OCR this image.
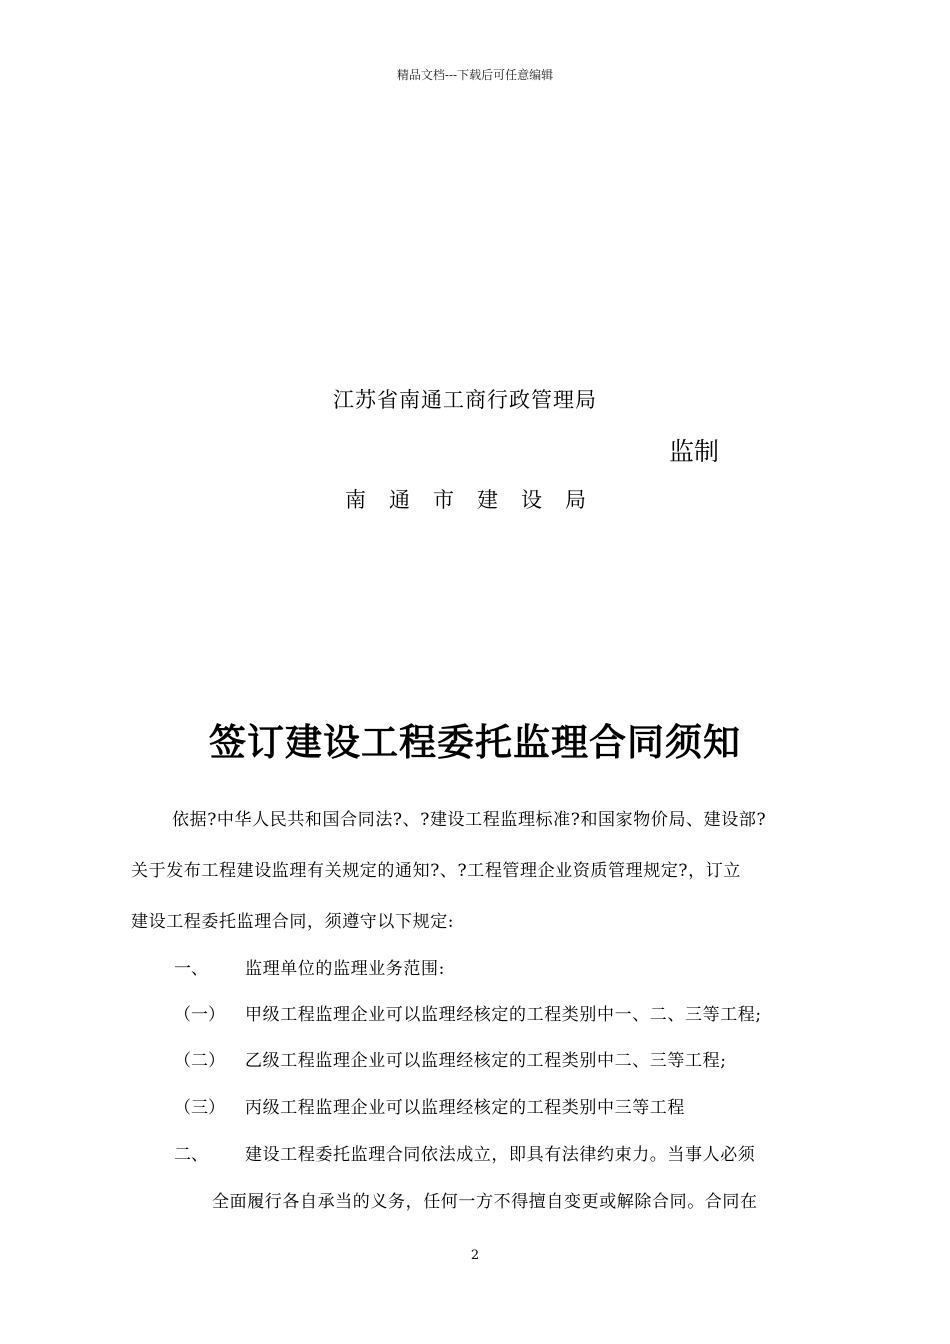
精品文档---下载后可任意编辑
江苏省南通工商行政管理局
监制
南通市建设局
签订建设工程委托监理合同须知
依据?中华人民共和国合同法?、?建设工程监理标准?和国家物价局、建设部?
关于发布工程建设监理有关规定的通知?、?工程管理企业资质管理规定?，订立
建设工程委托监理合同，须遵守以下规定:
一、 监理单位的监理业务范围:
（一） 甲级工程监理企业可以监理经核定的工程类别中一、二、三等工程;
（二） 乙级工程监理企业可以监理经核定的工程类别中二、三等工程;
（三） 丙级工程监理企业可以监理经核定的工程类别中三等工程
二、 建设工程委托监理合同依法成立，即具有法律约束力。当事人必须
全面履行各自承当的义务，任何一方不得擅自变更或解除合同。合同在
2
